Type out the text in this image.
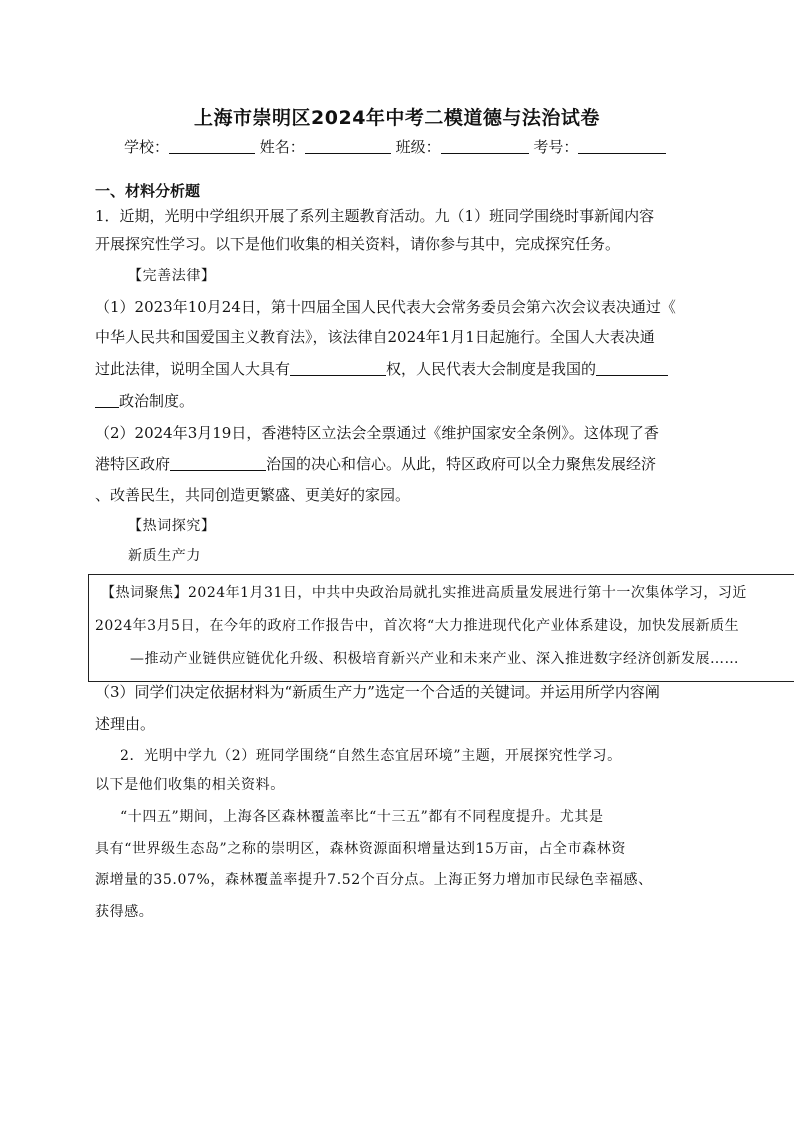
上海市崇明区2024年中考二模道德与法治试卷
学校：	姓名：	班级：	考号：
一、材料分析题
1．近期，光明中学组织开展了系列主题教育活动。九（1）班同学围绕时事新闻内容
开展探究性学习。以下是他们收集的相关资料，请你参与其中，完成探究任务。
【完善法律】
（1）2023年10月24日，第十四届全国人民代表大会常务委员会第六次会议表决通过《
中华人民共和国爱国主义教育法》，该法律自2024年1月1日起施行。全国人大表决通
过此法律，说明全国人大具有	权，人民代表大会制度是我国的
政治制度。
（2）2024年3月19日，香港特区立法会全票通过《维护国家安全条例》。这体现了香
港特区政府	治国的决心和信心。从此，特区政府可以全力聚焦发展经济
、改善民生，共同创造更繁盛、更美好的家园。
【热词探究】
新质生产力
【热词聚焦】2024年1月31日，中共中央政治局就扎实推进高质量发展进行第十一次集体学习，习近
2024年3月5日，在今年的政府工作报告中，首次将“大力推进现代化产业体系建设，加快发展新质生
—推动产业链供应链优化升级、积极培育新兴产业和未来产业、深入推进数字经济创新发展……
（3）同学们决定依据材料为“新质生产力”选定一个合适的关键词。并运用所学内容阐
述理由。
2．光明中学九（2）班同学围绕“自然生态宜居环境”主题，开展探究性学习。
以下是他们收集的相关资料。
“十四五”期间，上海各区森林覆盖率比“十三五”都有不同程度提升。尤其是
具有“世界级生态岛”之称的崇明区，森林资源面积增量达到15万亩，占全市森林资
源增量的35.07%，森林覆盖率提升7.52个百分点。上海正努力增加市民绿色幸福感、
获得感。
